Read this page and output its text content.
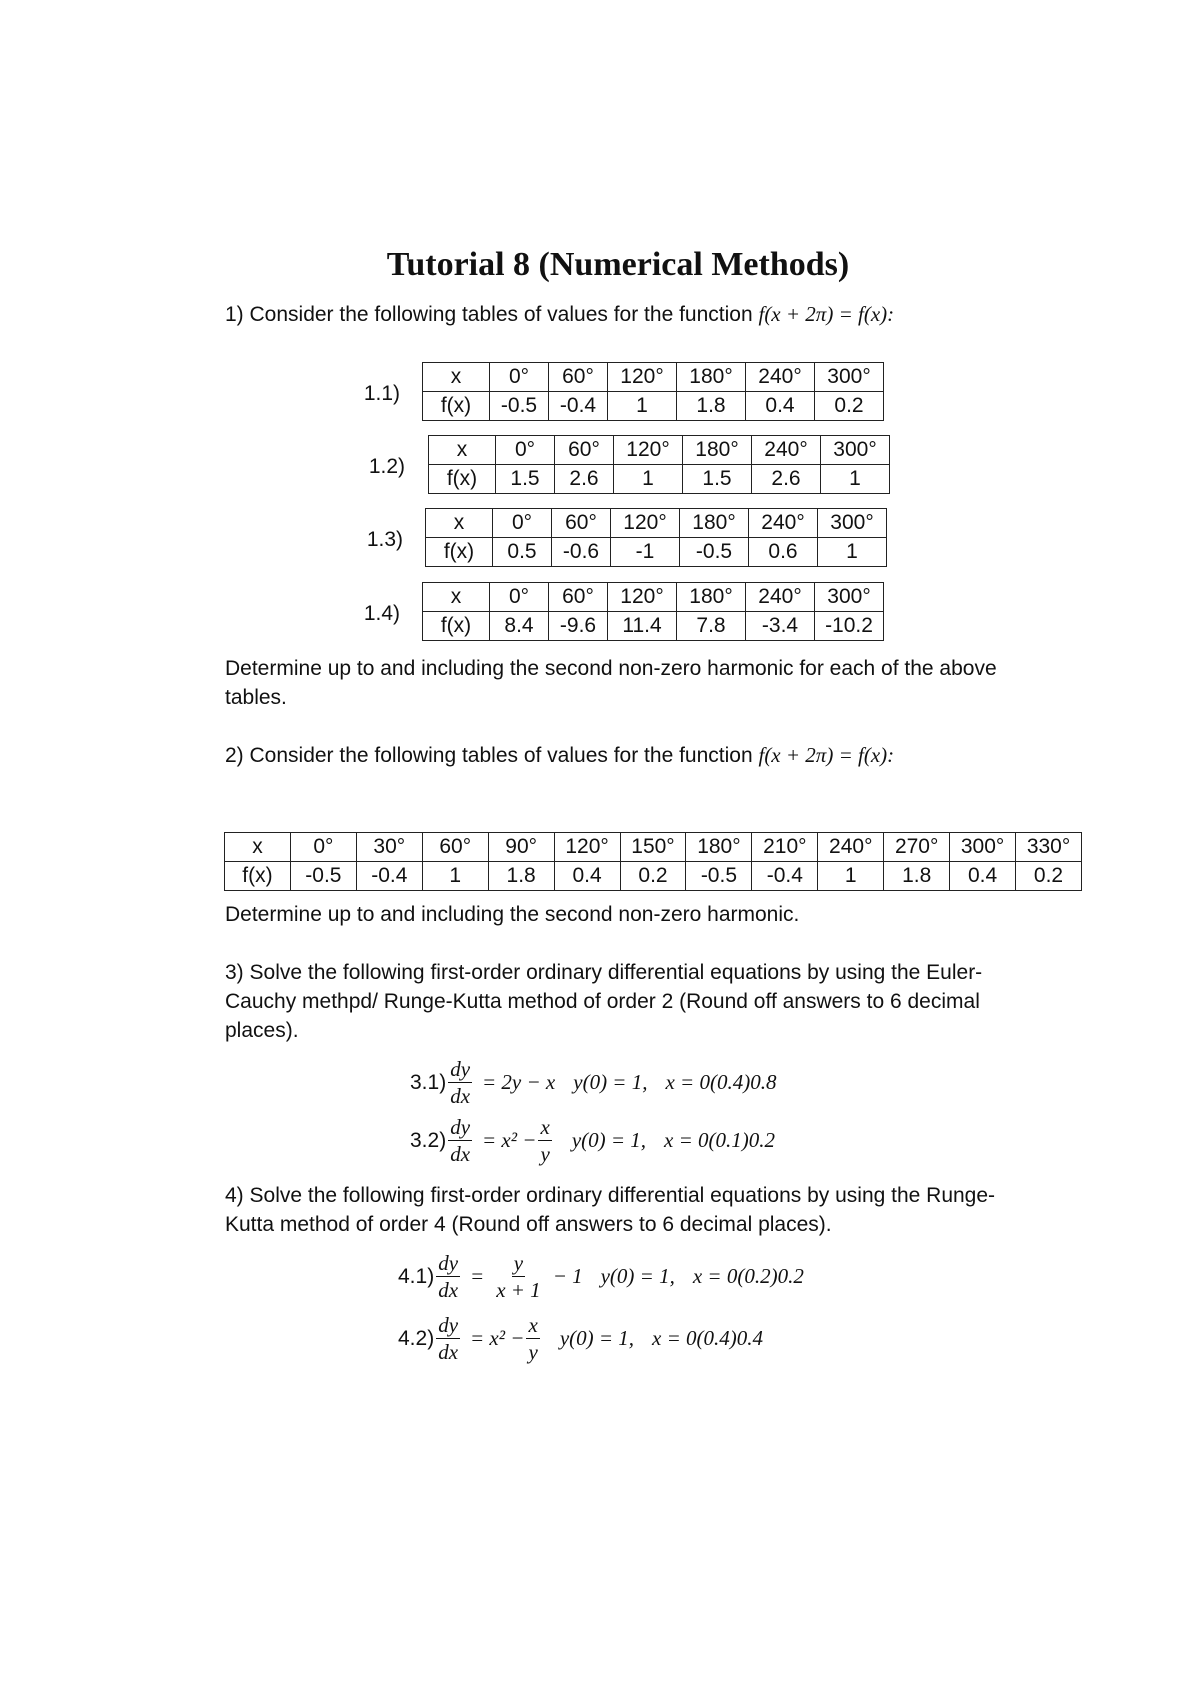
Tutorial 8 (Numerical Methods)

1) Consider the following tables of values for the function f(x + 2π) = f(x):

1.1)
x	0°	60°	120°	180°	240°	300°
f(x)	-0.5	-0.4	1	1.8	0.4	0.2
1.2)
x	0°	60°	120°	180°	240°	300°
f(x)	1.5	2.6	1	1.5	2.6	1
1.3)
x	0°	60°	120°	180°	240°	300°
f(x)	0.5	-0.6	-1	-0.5	0.6	1
1.4)
x	0°	60°	120°	180°	240°	300°
f(x)	8.4	-9.6	11.4	7.8	-3.4	-10.2

Determine up to and including the second non-zero harmonic for each of the above tables.

2) Consider the following tables of values for the function f(x + 2π) = f(x):

x	0°	30°	60°	90°	120°	150°	180°	210°	240°	270°	300°	330°
f(x)	-0.5	-0.4	1	1.8	0.4	0.2	-0.5	-0.4	1	1.8	0.4	0.2

Determine up to and including the second non-zero harmonic.

3) Solve the following first-order ordinary differential equations by using the Euler-Cauchy methpd/ Runge-Kutta method of order 2 (Round off answers to 6 decimal places).

$3.1) \frac{dy}{dx} = 2y - x$ y(0) = 1, x = 0(0.4)0.8
$3.2) \frac{dy}{dx} = x^2 - \frac{x}{y} y(0) = 1$, x = 0(0.1)0.2

4) Solve the following first-order ordinary differential equations by using the Runge-Kutta method of order 4 (Round off answers to 6 decimal places).

$4.1) \frac{dy}{dx} = \frac{y}{x + 1} - 1$ y(0) = 1, x = 0(0.2)0.2
$4.2) \frac{dy}{dx} = x^2 - \frac{x}{y} y(0) = 1$, x = 0(0.4)0.4
